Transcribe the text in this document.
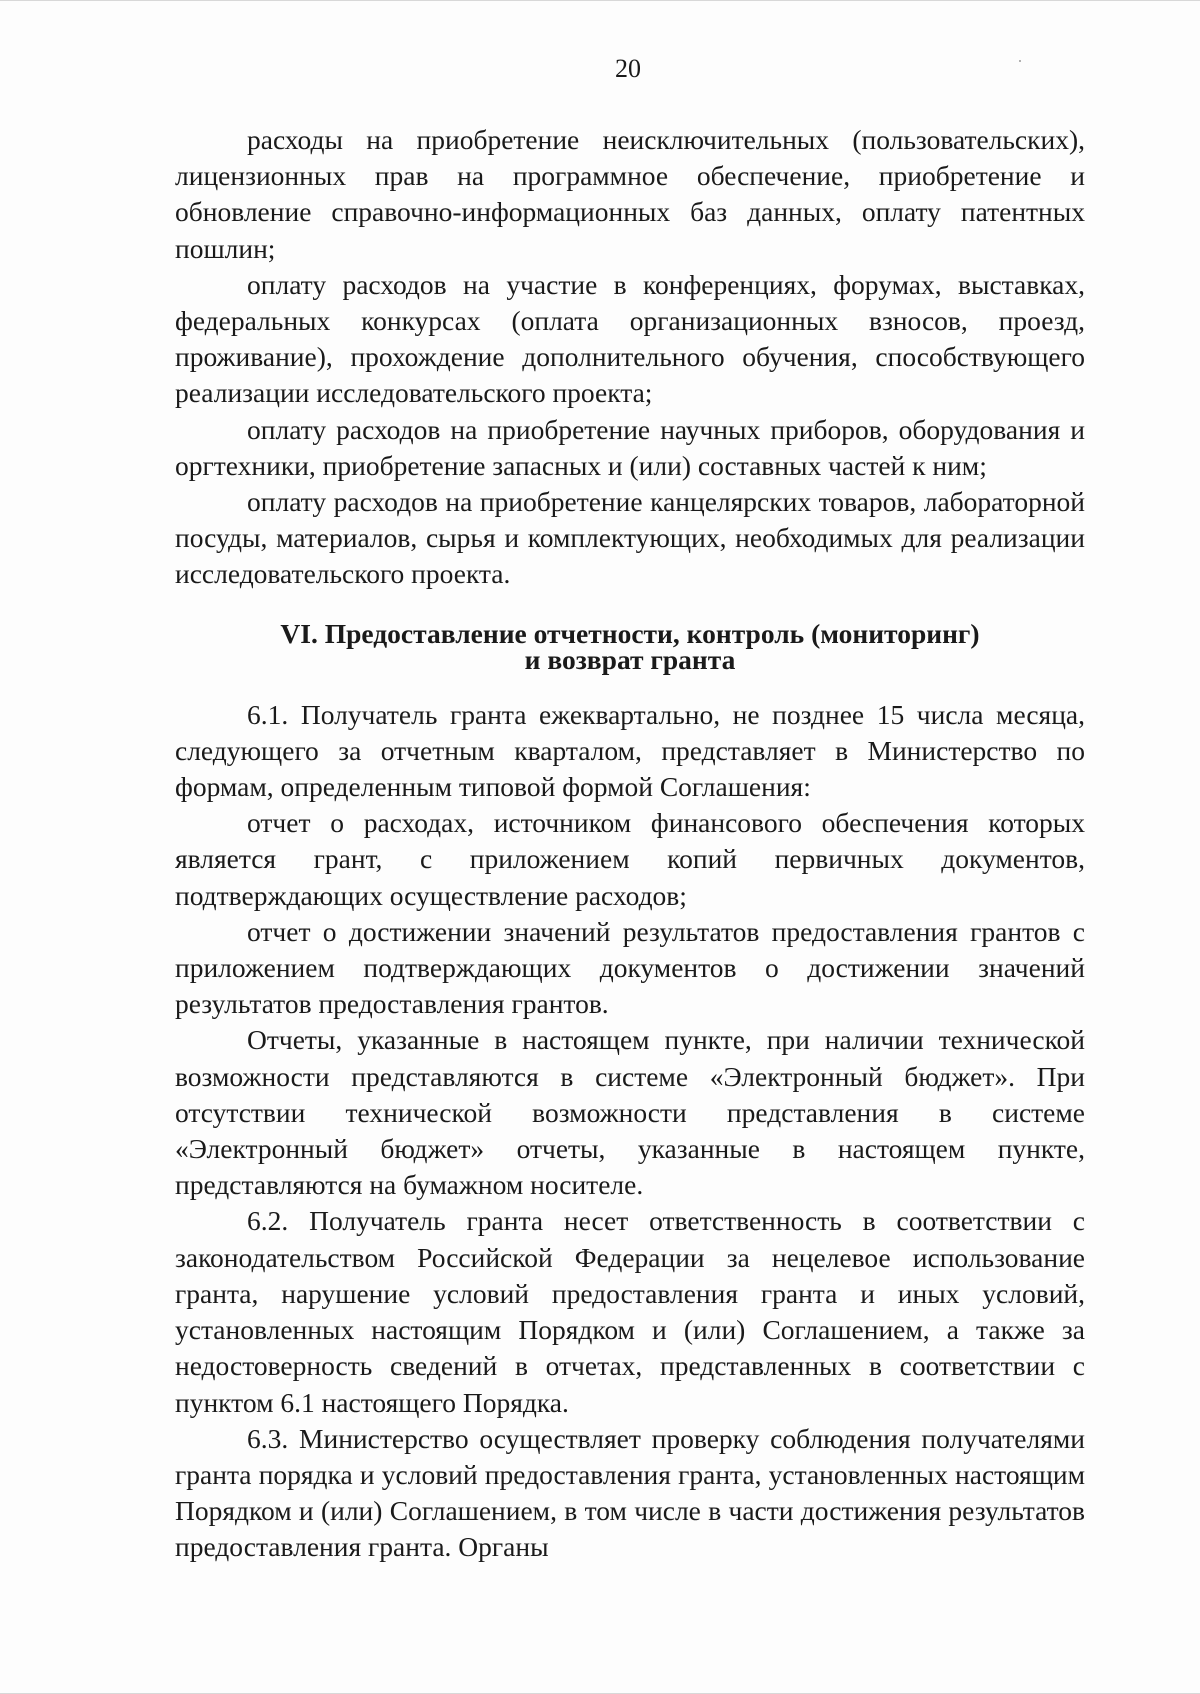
20

расходы на приобретение неисключительных (пользовательских), лицензионных прав на программное обеспечение, приобретение и обновление справочно-информационных баз данных, оплату патентных пошлин;

оплату расходов на участие в конференциях, форумах, выставках, федеральных конкурсах (оплата организационных взносов, проезд, проживание), прохождение дополнительного обучения, способствующего реализации исследовательского проекта;

оплату расходов на приобретение научных приборов, оборудования и оргтехники, приобретение запасных и (или) составных частей к ним;

оплату расходов на приобретение канцелярских товаров, лабораторной посуды, материалов, сырья и комплектующих, необходимых для реализации исследовательского проекта.

VI. Предоставление отчетности, контроль (мониторинг)
и возврат гранта

6.1. Получатель гранта ежеквартально, не позднее 15 числа месяца, следующего за отчетным кварталом, представляет в Министерство по формам, определенным типовой формой Соглашения:

отчет о расходах, источником финансового обеспечения которых является грант, с приложением копий первичных документов, подтверждающих осуществление расходов;

отчет о достижении значений результатов предоставления грантов с приложением подтверждающих документов о достижении значений результатов предоставления грантов.

Отчеты, указанные в настоящем пункте, при наличии технической возможности представляются в системе «Электронный бюджет». При отсутствии технической возможности представления в системе «Электронный бюджет» отчеты, указанные в настоящем пункте, представляются на бумажном носителе.

6.2. Получатель гранта несет ответственность в соответствии с законодательством Российской Федерации за нецелевое использование гранта, нарушение условий предоставления гранта и иных условий, установленных настоящим Порядком и (или) Соглашением, а также за недостоверность сведений в отчетах, представленных в соответствии с пунктом 6.1 настоящего Порядка.

6.3. Министерство осуществляет проверку соблюдения получателями гранта порядка и условий предоставления гранта, установленных настоящим Порядком и (или) Соглашением, в том числе в части достижения результатов предоставления гранта. Органы
